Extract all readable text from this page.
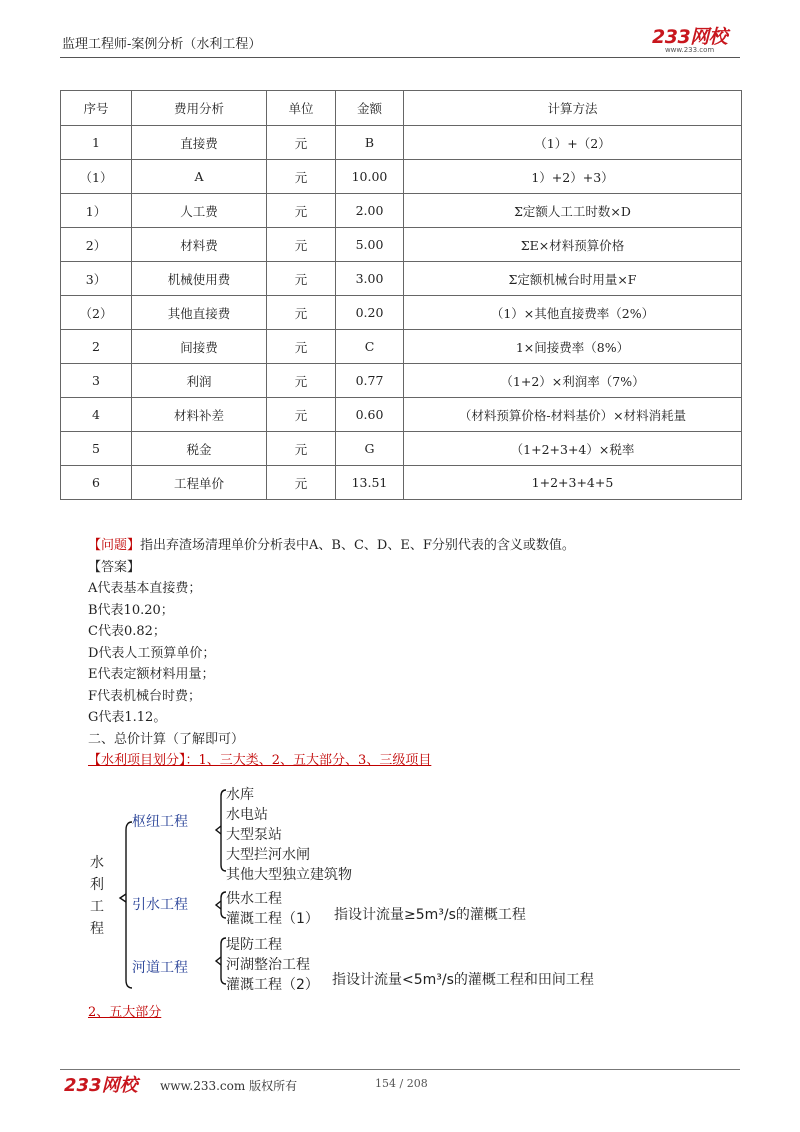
监理工程师-案例分析（水利工程）	233网校
www.233.com
序号	费用分析	单位	金额	计算方法
1	直接费	元	B	（1）+（2）
（1）	A	元	10.00	1）+2）+3）
1）	人工费	元	2.00	Σ定额人工工时数×D
2）	材料费	元	5.00	ΣE×材料预算价格
3）	机械使用费	元	3.00	Σ定额机械台时用量×F
（2）	其他直接费	元	0.20	（1）×其他直接费率（2%）
2	间接费	元	C	1×间接费率（8%）
3	利润	元	0.77	（1+2）×利润率（7%）
4	材料补差	元	0.60	（材料预算价格-材料基价）×材料消耗量
5	税金	元	G	（1+2+3+4）×税率
6	工程单价	元	13.51	1+2+3+4+5
【问题】指出弃渣场清理单价分析表中A、B、C、D、E、F分别代表的含义或数值。
【答案】
A代表基本直接费；
B代表10.20；
C代表0.82；
D代表人工预算单价；
E代表定额材料用量；
F代表机械台时费；
G代表1.12。
二、总价计算（了解即可）
【水利项目划分】：1、三大类、2、五大部分、3、三级项目
水
利
工
程
枢纽工程
水库
水电站
大型泵站
大型拦河水闸
其他大型独立建筑物
引水工程	供水工程
灌溉工程（1） 指设计流量≥5m³/s的灌概工程
河道工程
堤防工程
河湖整治工程
灌溉工程（2） 指设计流量<5m³/s的灌概工程和田间工程
2、五大部分
233网校 www.233.com 版权所有	154 / 208
